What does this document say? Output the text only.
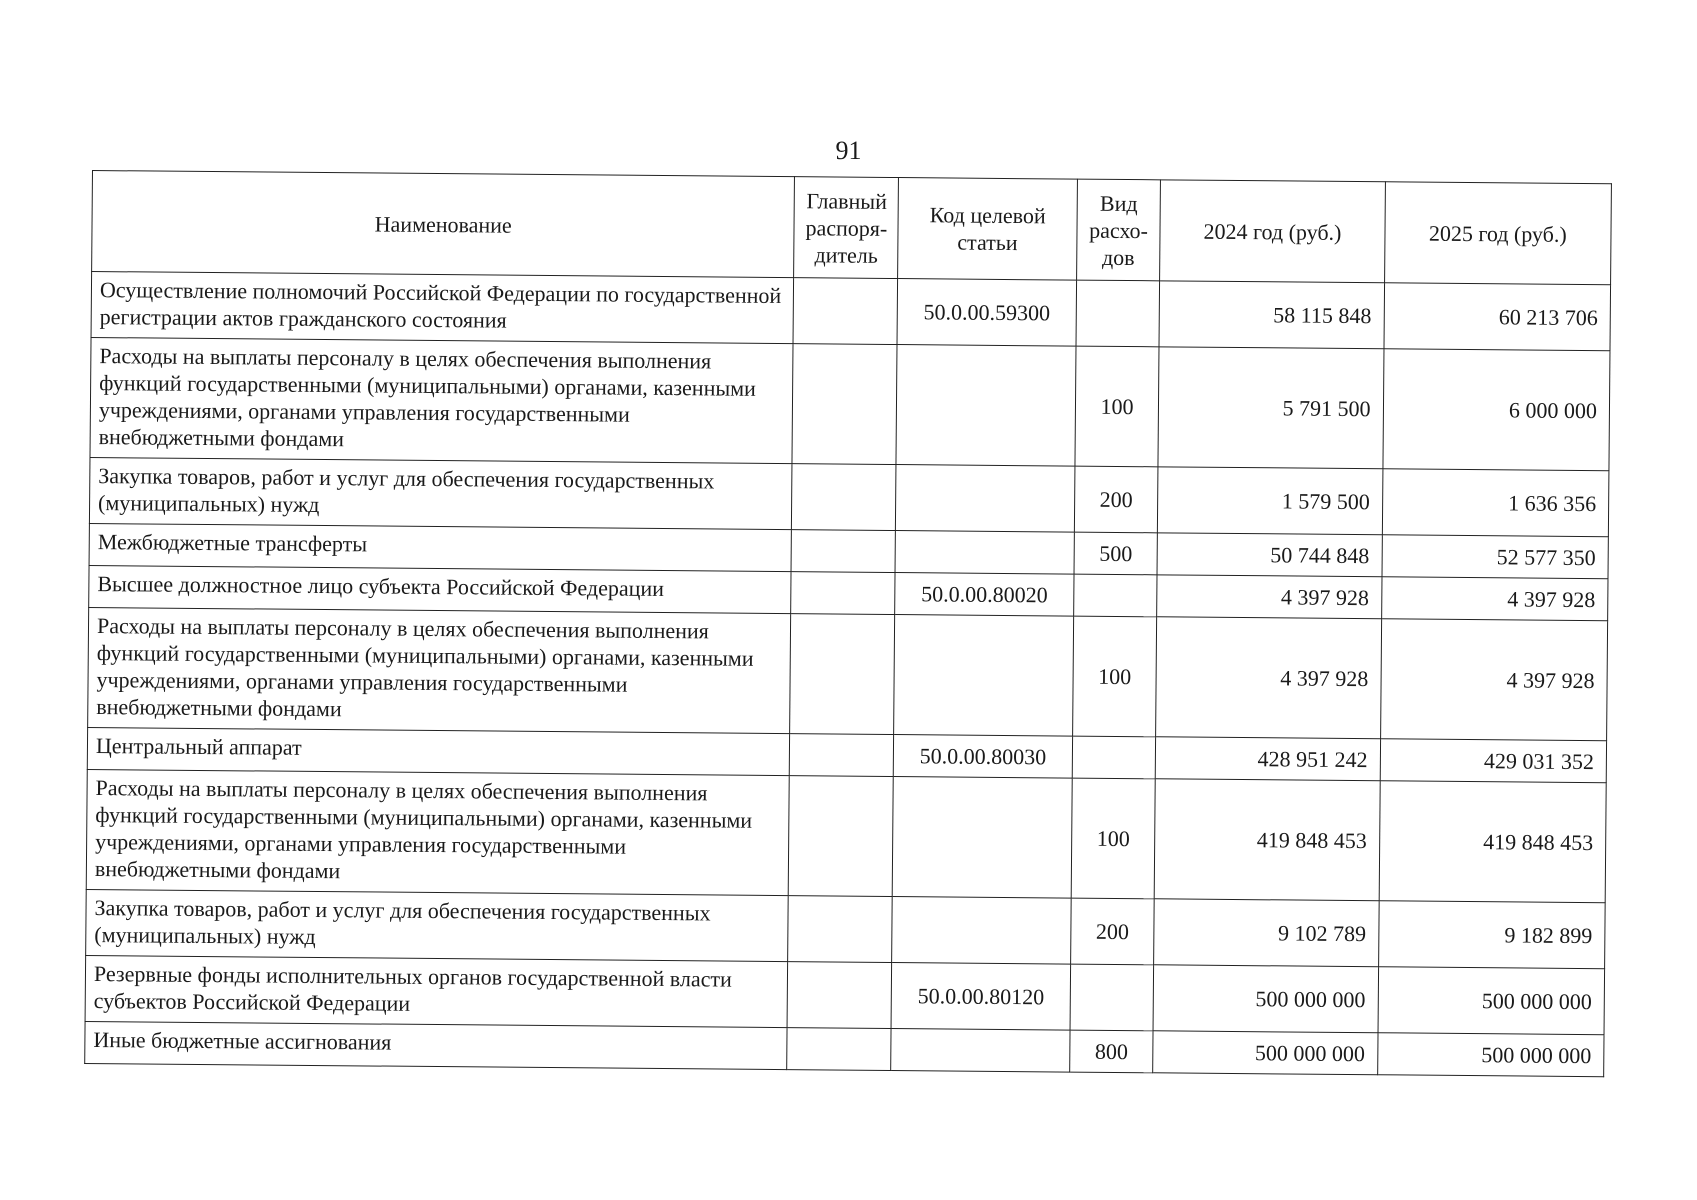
91
Наименование	Главный распоря-дитель	Код целевой статьи	Вид расхо-дов	2024 год (руб.)	2025 год (руб.)
Осуществление полномочий Российской Федерации по государственной регистрации актов гражданского состояния		50.0.00.59300		58 115 848	60 213 706
Расходы на выплаты персоналу в целях обеспечения выполнения функций государственными (муниципальными) органами, казенными учреждениями, органами управления государственными внебюджетными фондами			100	5 791 500	6 000 000
Закупка товаров, работ и услуг для обеспечения государственных (муниципальных) нужд			200	1 579 500	1 636 356
Межбюджетные трансферты			500	50 744 848	52 577 350
Высшее должностное лицо субъекта Российской Федерации		50.0.00.80020		4 397 928	4 397 928
Расходы на выплаты персоналу в целях обеспечения выполнения функций государственными (муниципальными) органами, казенными учреждениями, органами управления государственными внебюджетными фондами			100	4 397 928	4 397 928
Центральный аппарат		50.0.00.80030		428 951 242	429 031 352
Расходы на выплаты персоналу в целях обеспечения выполнения функций государственными (муниципальными) органами, казенными учреждениями, органами управления государственными внебюджетными фондами			100	419 848 453	419 848 453
Закупка товаров, работ и услуг для обеспечения государственных (муниципальных) нужд			200	9 102 789	9 182 899
Резервные фонды исполнительных органов государственной власти субъектов Российской Федерации		50.0.00.80120		500 000 000	500 000 000
Иные бюджетные ассигнования			800	500 000 000	500 000 000
